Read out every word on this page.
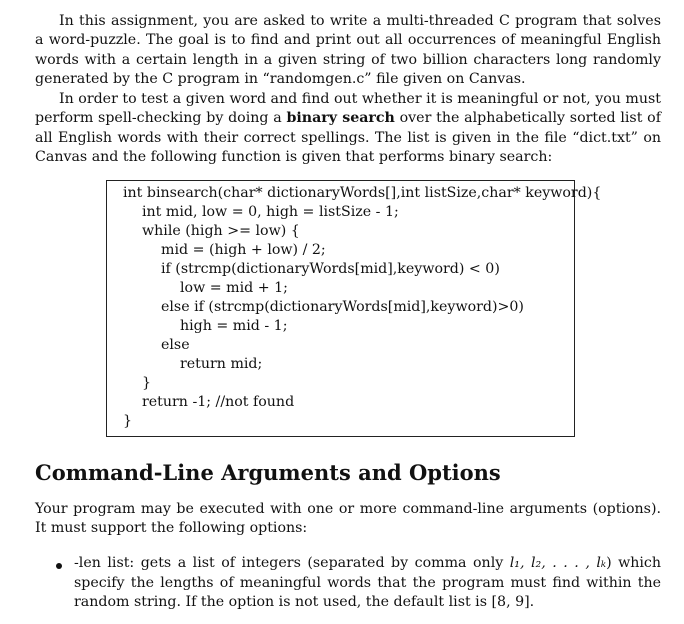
In this assignment, you are asked to write a multi-threaded C program that solves a word-puzzle. The goal is to find and print out all occurrences of meaningful English words with a certain length in a given string of two billion characters long randomly generated by the C program in “randomgen.c” file given on Canvas.

In order to test a given word and find out whether it is meaningful or not, you must perform spell-checking by doing a binary search over the alphabetically sorted list of all English words with their correct spellings. The list is given in the file “dict.txt” on Canvas and the following function is given that performs binary search:

int binsearch(char* dictionaryWords[],int listSize,char* keyword){
int mid, low = 0, high = listSize - 1;
while (high >= low) {
mid = (high + low) / 2;
if (strcmp(dictionaryWords[mid],keyword) < 0)
low = mid + 1;
else if (strcmp(dictionaryWords[mid],keyword)>0)
high = mid - 1;
else
return mid;
}
return -1; //not found
}
Command-Line Arguments and Options

Your program may be executed with one or more command-line arguments (options). It must support the following options:

-len list: gets a list of integers (separated by comma only l₁, l₂, . . . , lₖ) which specify the lengths of meaningful words that the program must find within the random string. If the option is not used, the default list is [8, 9].
